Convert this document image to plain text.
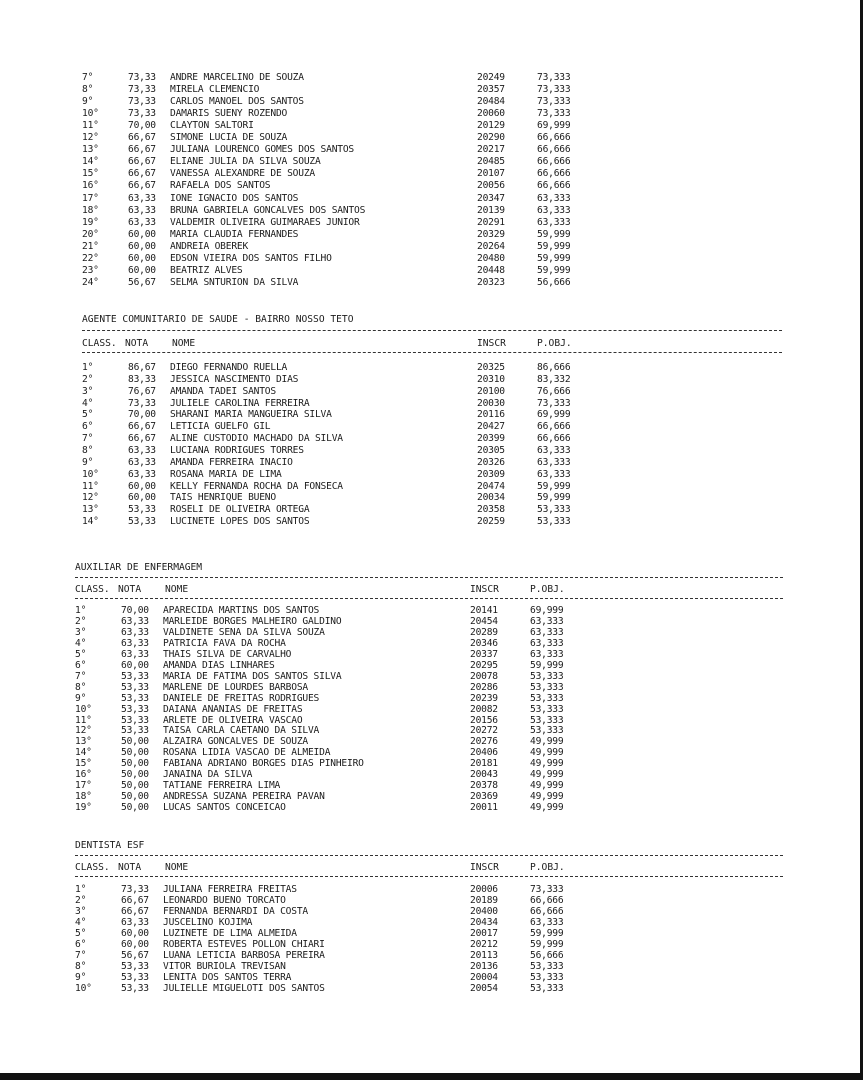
7°	73,33 ANDRE MARCELINO DE SOUZA	20249	73,333
8°	73,33 MIRELA CLEMENCIO	20357	73,333
9°	73,33 CARLOS MANOEL DOS SANTOS	20484	73,333
10°	73,33 DAMARIS SUENY ROZENDO	20060	73,333
11°	70,00 CLAYTON SALTORI	20129	69,999
12°	66,67 SIMONE LUCIA DE SOUZA	20290	66,666
13°	66,67 JULIANA LOURENCO GOMES DOS SANTOS	20217	66,666
14°	66,67 ELIANE JULIA DA SILVA SOUZA	20485	66,666
15°	66,67 VANESSA ALEXANDRE DE SOUZA	20107	66,666
16°	66,67 RAFAELA DOS SANTOS	20056	66,666
17°	63,33 IONE IGNACIO DOS SANTOS	20347	63,333
18°	63,33 BRUNA GABRIELA GONCALVES DOS SANTOS	20139	63,333
19°	63,33 VALDEMIR OLIVEIRA GUIMARAES JUNIOR	20291	63,333
20°	60,00 MARIA CLAUDIA FERNANDES	20329	59,999
21°	60,00 ANDREIA OBEREK	20264	59,999
22°	60,00 EDSON VIEIRA DOS SANTOS FILHO	20480	59,999
23°	60,00 BEATRIZ ALVES	20448	59,999
24°	56,67 SELMA SNTURION DA SILVA	20323	56,666
AGENTE COMUNITARIO DE SAUDE - BAIRRO NOSSO TETO
CLASS. NOTA NOME	INSCR	P.OBJ.
1°	86,67 DIEGO FERNANDO RUELLA	20325	86,666
2°	83,33 JESSICA NASCIMENTO DIAS	20310	83,332
3°	76,67 AMANDA TADEI SANTOS	20100	76,666
4°	73,33 JULIELE CAROLINA FERREIRA	20030	73,333
5°	70,00 SHARANI MARIA MANGUEIRA SILVA	20116	69,999
6°	66,67 LETICIA GUELFO GIL	20427	66,666
7°	66,67 ALINE CUSTODIO MACHADO DA SILVA	20399	66,666
8°	63,33 LUCIANA RODRIGUES TORRES	20305	63,333
9°	63,33 AMANDA FERREIRA INACIO	20326	63,333
10°	63,33 ROSANA MARIA DE LIMA	20309	63,333
11°	60,00 KELLY FERNANDA ROCHA DA FONSECA	20474	59,999
12°	60,00 TAIS HENRIQUE BUENO	20034	59,999
13°	53,33 ROSELI DE OLIVEIRA ORTEGA	20358	53,333
14°	53,33 LUCINETE LOPES DOS SANTOS	20259	53,333
AUXILIAR DE ENFERMAGEM
CLASS. NOTA NOME	INSCR	P.OBJ.
1°	70,00 APARECIDA MARTINS DOS SANTOS	20141	69,999
2°	63,33 MARLEIDE BORGES MALHEIRO GALDINO	20454	63,333
3°	63,33 VALDINETE SENA DA SILVA SOUZA	20289	63,333
4°	63,33 PATRICIA FAVA DA ROCHA	20346	63,333
5°	63,33 THAIS SILVA DE CARVALHO	20337	63,333
6°	60,00 AMANDA DIAS LINHARES	20295	59,999
7°	53,33 MARIA DE FATIMA DOS SANTOS SILVA	20078	53,333
8°	53,33 MARLENE DE LOURDES BARBOSA	20286	53,333
9°	53,33 DANIELE DE FREITAS RODRIGUES	20239	53,333
10°	53,33 DAIANA ANANIAS DE FREITAS	20082	53,333
11°	53,33 ARLETE DE OLIVEIRA VASCAO	20156	53,333
12°	53,33 TAISA CARLA CAETANO DA SILVA	20272	53,333
13°	50,00 ALZAIRA GONCALVES DE SOUZA	20276	49,999
14°	50,00 ROSANA LIDIA VASCAO DE ALMEIDA	20406	49,999
15°	50,00 FABIANA ADRIANO BORGES DIAS PINHEIRO	20181	49,999
16°	50,00 JANAINA DA SILVA	20043	49,999
17°	50,00 TATIANE FERREIRA LIMA	20378	49,999
18°	50,00 ANDRESSA SUZANA PEREIRA PAVAN	20369	49,999
19°	50,00 LUCAS SANTOS CONCEICAO	20011	49,999
DENTISTA ESF
CLASS. NOTA NOME	INSCR	P.OBJ.
1°	73,33 JULIANA FERREIRA FREITAS	20006	73,333
2°	66,67 LEONARDO BUENO TORCATO	20189	66,666
3°	66,67 FERNANDA BERNARDI DA COSTA	20400	66,666
4°	63,33 JUSCELINO KOJIMA	20434	63,333
5°	60,00 LUZINETE DE LIMA ALMEIDA	20017	59,999
6°	60,00 ROBERTA ESTEVES POLLON CHIARI	20212	59,999
7°	56,67 LUANA LETICIA BARBOSA PEREIRA	20113	56,666
8°	53,33 VITOR BURIOLA TREVISAN	20136	53,333
9°	53,33 LENITA DOS SANTOS TERRA	20004	53,333
10°	53,33 JULIELLE MIGUELOTI DOS SANTOS	20054	53,333
